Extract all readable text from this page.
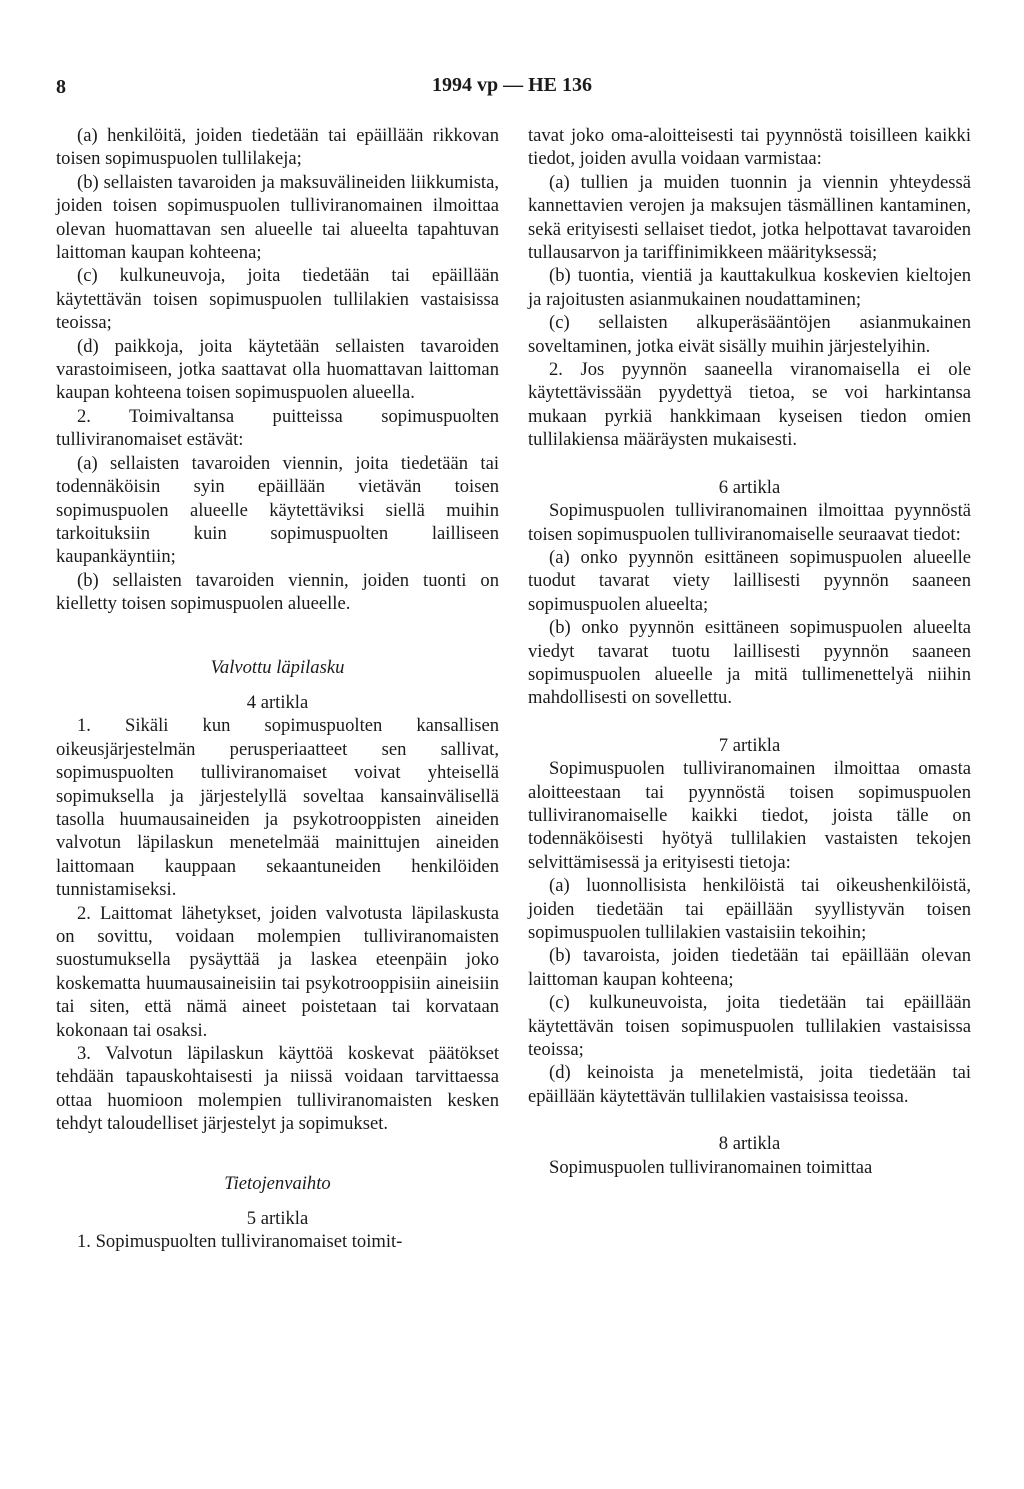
8	1994 vp — HE 136

(a) henkilöitä, joiden tiedetään tai epäillään rikkovan toisen sopimuspuolen tullilakeja;

(b) sellaisten tavaroiden ja maksuvälineiden liikkumista, joiden toisen sopimuspuolen tulliviranomainen ilmoittaa olevan huomattavan sen alueelle tai alueelta tapahtuvan laittoman kaupan kohteena;

(c) kulkuneuvoja, joita tiedetään tai epäillään käytettävän toisen sopimuspuolen tullilakien vastaisissa teoissa;

(d) paikkoja, joita käytetään sellaisten tavaroiden varastoimiseen, jotka saattavat olla huomattavan laittoman kaupan kohteena toisen sopimuspuolen alueella.

2. Toimivaltansa puitteissa sopimuspuolten tulliviranomaiset estävät:

(a) sellaisten tavaroiden viennin, joita tiedetään tai todennäköisin syin epäillään vietävän toisen sopimuspuolen alueelle käytettäviksi siellä muihin tarkoituksiin kuin sopimuspuolten lailliseen kaupankäyntiin;

(b) sellaisten tavaroiden viennin, joiden tuonti on kielletty toisen sopimuspuolen alueelle.

Valvottu läpilasku

4 artikla

1. Sikäli kun sopimuspuolten kansallisen oikeusjärjestelmän perusperiaatteet sen sallivat, sopimuspuolten tulliviranomaiset voivat yhteisellä sopimuksella ja järjestelyllä soveltaa kansainvälisellä tasolla huumausaineiden ja psykotrooppisten aineiden valvotun läpilaskun menetelmää mainittujen aineiden laittomaan kauppaan sekaantuneiden henkilöiden tunnistamiseksi.

2. Laittomat lähetykset, joiden valvotusta läpilaskusta on sovittu, voidaan molempien tulliviranomaisten suostumuksella pysäyttää ja laskea eteenpäin joko koskematta huumausaineisiin tai psykotrooppisiin aineisiin tai siten, että nämä aineet poistetaan tai korvataan kokonaan tai osaksi.

3. Valvotun läpilaskun käyttöä koskevat päätökset tehdään tapauskohtaisesti ja niissä voidaan tarvittaessa ottaa huomioon molempien tulliviranomaisten kesken tehdyt taloudelliset järjestelyt ja sopimukset.

Tietojenvaihto

5 artikla

1. Sopimuspuolten tulliviranomaiset toimit-

tavat joko oma-aloitteisesti tai pyynnöstä toisilleen kaikki tiedot, joiden avulla voidaan varmistaa:

(a) tullien ja muiden tuonnin ja viennin yhteydessä kannettavien verojen ja maksujen täsmällinen kantaminen, sekä erityisesti sellaiset tiedot, jotka helpottavat tavaroiden tullausarvon ja tariffinimikkeen määrityksessä;

(b) tuontia, vientiä ja kauttakulkua koskevien kieltojen ja rajoitusten asianmukainen noudattaminen;

(c) sellaisten alkuperäsääntöjen asianmukainen soveltaminen, jotka eivät sisälly muihin järjestelyihin.

2. Jos pyynnön saaneella viranomaisella ei ole käytettävissään pyydettyä tietoa, se voi harkintansa mukaan pyrkiä hankkimaan kyseisen tiedon omien tullilakiensa määräysten mukaisesti.

6 artikla

Sopimuspuolen tulliviranomainen ilmoittaa pyynnöstä toisen sopimuspuolen tulliviranomaiselle seuraavat tiedot:

(a) onko pyynnön esittäneen sopimuspuolen alueelle tuodut tavarat viety laillisesti pyynnön saaneen sopimuspuolen alueelta;

(b) onko pyynnön esittäneen sopimuspuolen alueelta viedyt tavarat tuotu laillisesti pyynnön saaneen sopimuspuolen alueelle ja mitä tullimenettelyä niihin mahdollisesti on sovellettu.

7 artikla

Sopimuspuolen tulliviranomainen ilmoittaa omasta aloitteestaan tai pyynnöstä toisen sopimuspuolen tulliviranomaiselle kaikki tiedot, joista tälle on todennäköisesti hyötyä tullilakien vastaisten tekojen selvittämisessä ja erityisesti tietoja:

(a) luonnollisista henkilöistä tai oikeushenkilöistä, joiden tiedetään tai epäillään syyllistyvän toisen sopimuspuolen tullilakien vastaisiin tekoihin;

(b) tavaroista, joiden tiedetään tai epäillään olevan laittoman kaupan kohteena;

(c) kulkuneuvoista, joita tiedetään tai epäillään käytettävän toisen sopimuspuolen tullilakien vastaisissa teoissa;

(d) keinoista ja menetelmistä, joita tiedetään tai epäillään käytettävän tullilakien vastaisissa teoissa.

8 artikla

Sopimuspuolen tulliviranomainen toimittaa
